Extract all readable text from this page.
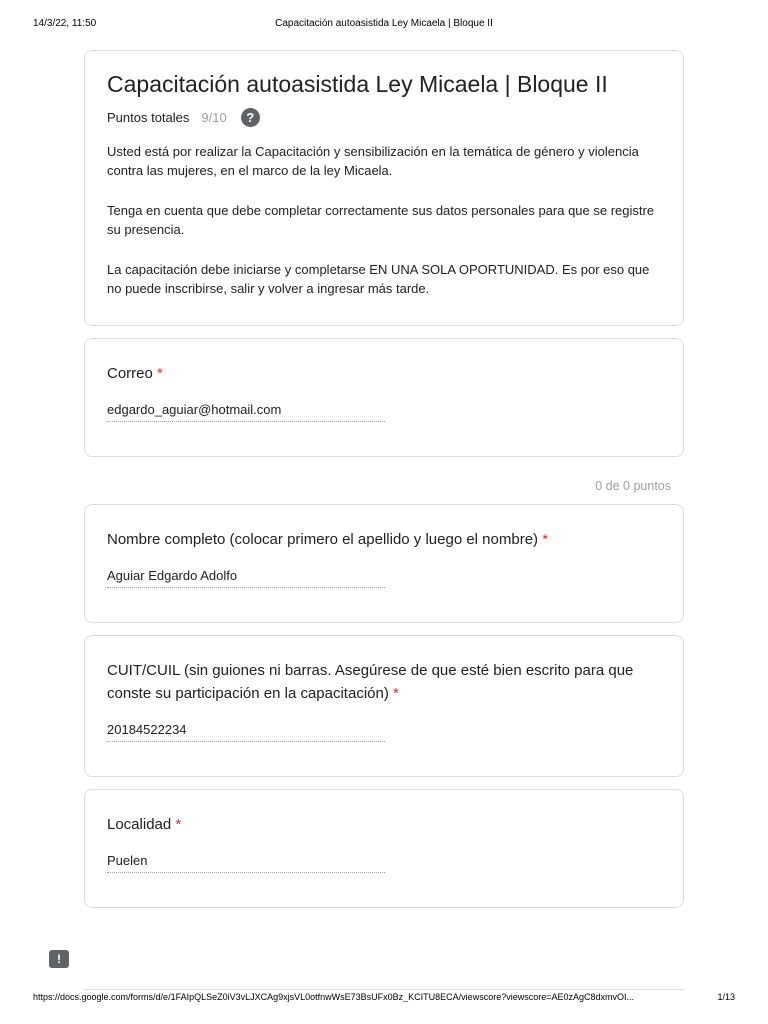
14/3/22, 11:50	Capacitación autoasistida Ley Micaela | Bloque II
Capacitación autoasistida Ley Micaela | Bloque II
Puntos totales 9/10	?

Usted está por realizar la Capacitación y sensibilización en la temática de género y violencia contra las mujeres, en el marco de la ley Micaela.

Tenga en cuenta que debe completar correctamente sus datos personales para que se registre su presencia.

La capacitación debe iniciarse y completarse EN UNA SOLA OPORTUNIDAD. Es por eso que no puede inscribirse, salir y volver a ingresar más tarde.

Correo *

edgardo_aguiar@hotmail.com
0 de 0 puntos

Nombre completo (colocar primero el apellido y luego el nombre) *

Aguiar Edgardo Adolfo

CUIT/CUIL (sin guiones ni barras. Asegúrese de que esté bien escrito para que conste su participación en la capacitación) *

20184522234

Localidad *

Puelen
!
https://docs.google.com/forms/d/e/1FAIpQLSeZ0iV3vLJXCAg9xjsVL0otfnwWsE73BsUFx0Bz_KCITU8ECA/viewscore?viewscore=AE0zAgC8dxmvOI...	1/13
